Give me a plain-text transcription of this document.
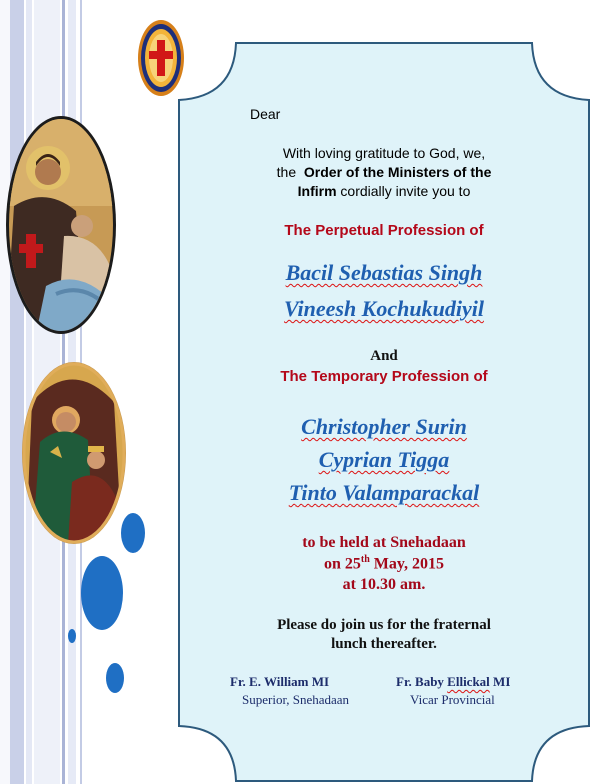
Dear
With loving gratitude to God, we,
the Order of the Ministers of the
Infirm cordially invite you to
The Perpetual Profession of
Bacil Sebastias Singh
Vineesh Kochukudiyil
And
The Temporary Profession of
Christopher Surin
Cyprian Tigga
Tinto Valamparackal
to be held at Snehadaan
on 25th May, 2015
at 10.30 am.
Please do join us for the fraternal
lunch thereafter.
Fr. E. William MI	Fr. Baby Ellickal MI
Superior, Snehadaan	Vicar Provincial
